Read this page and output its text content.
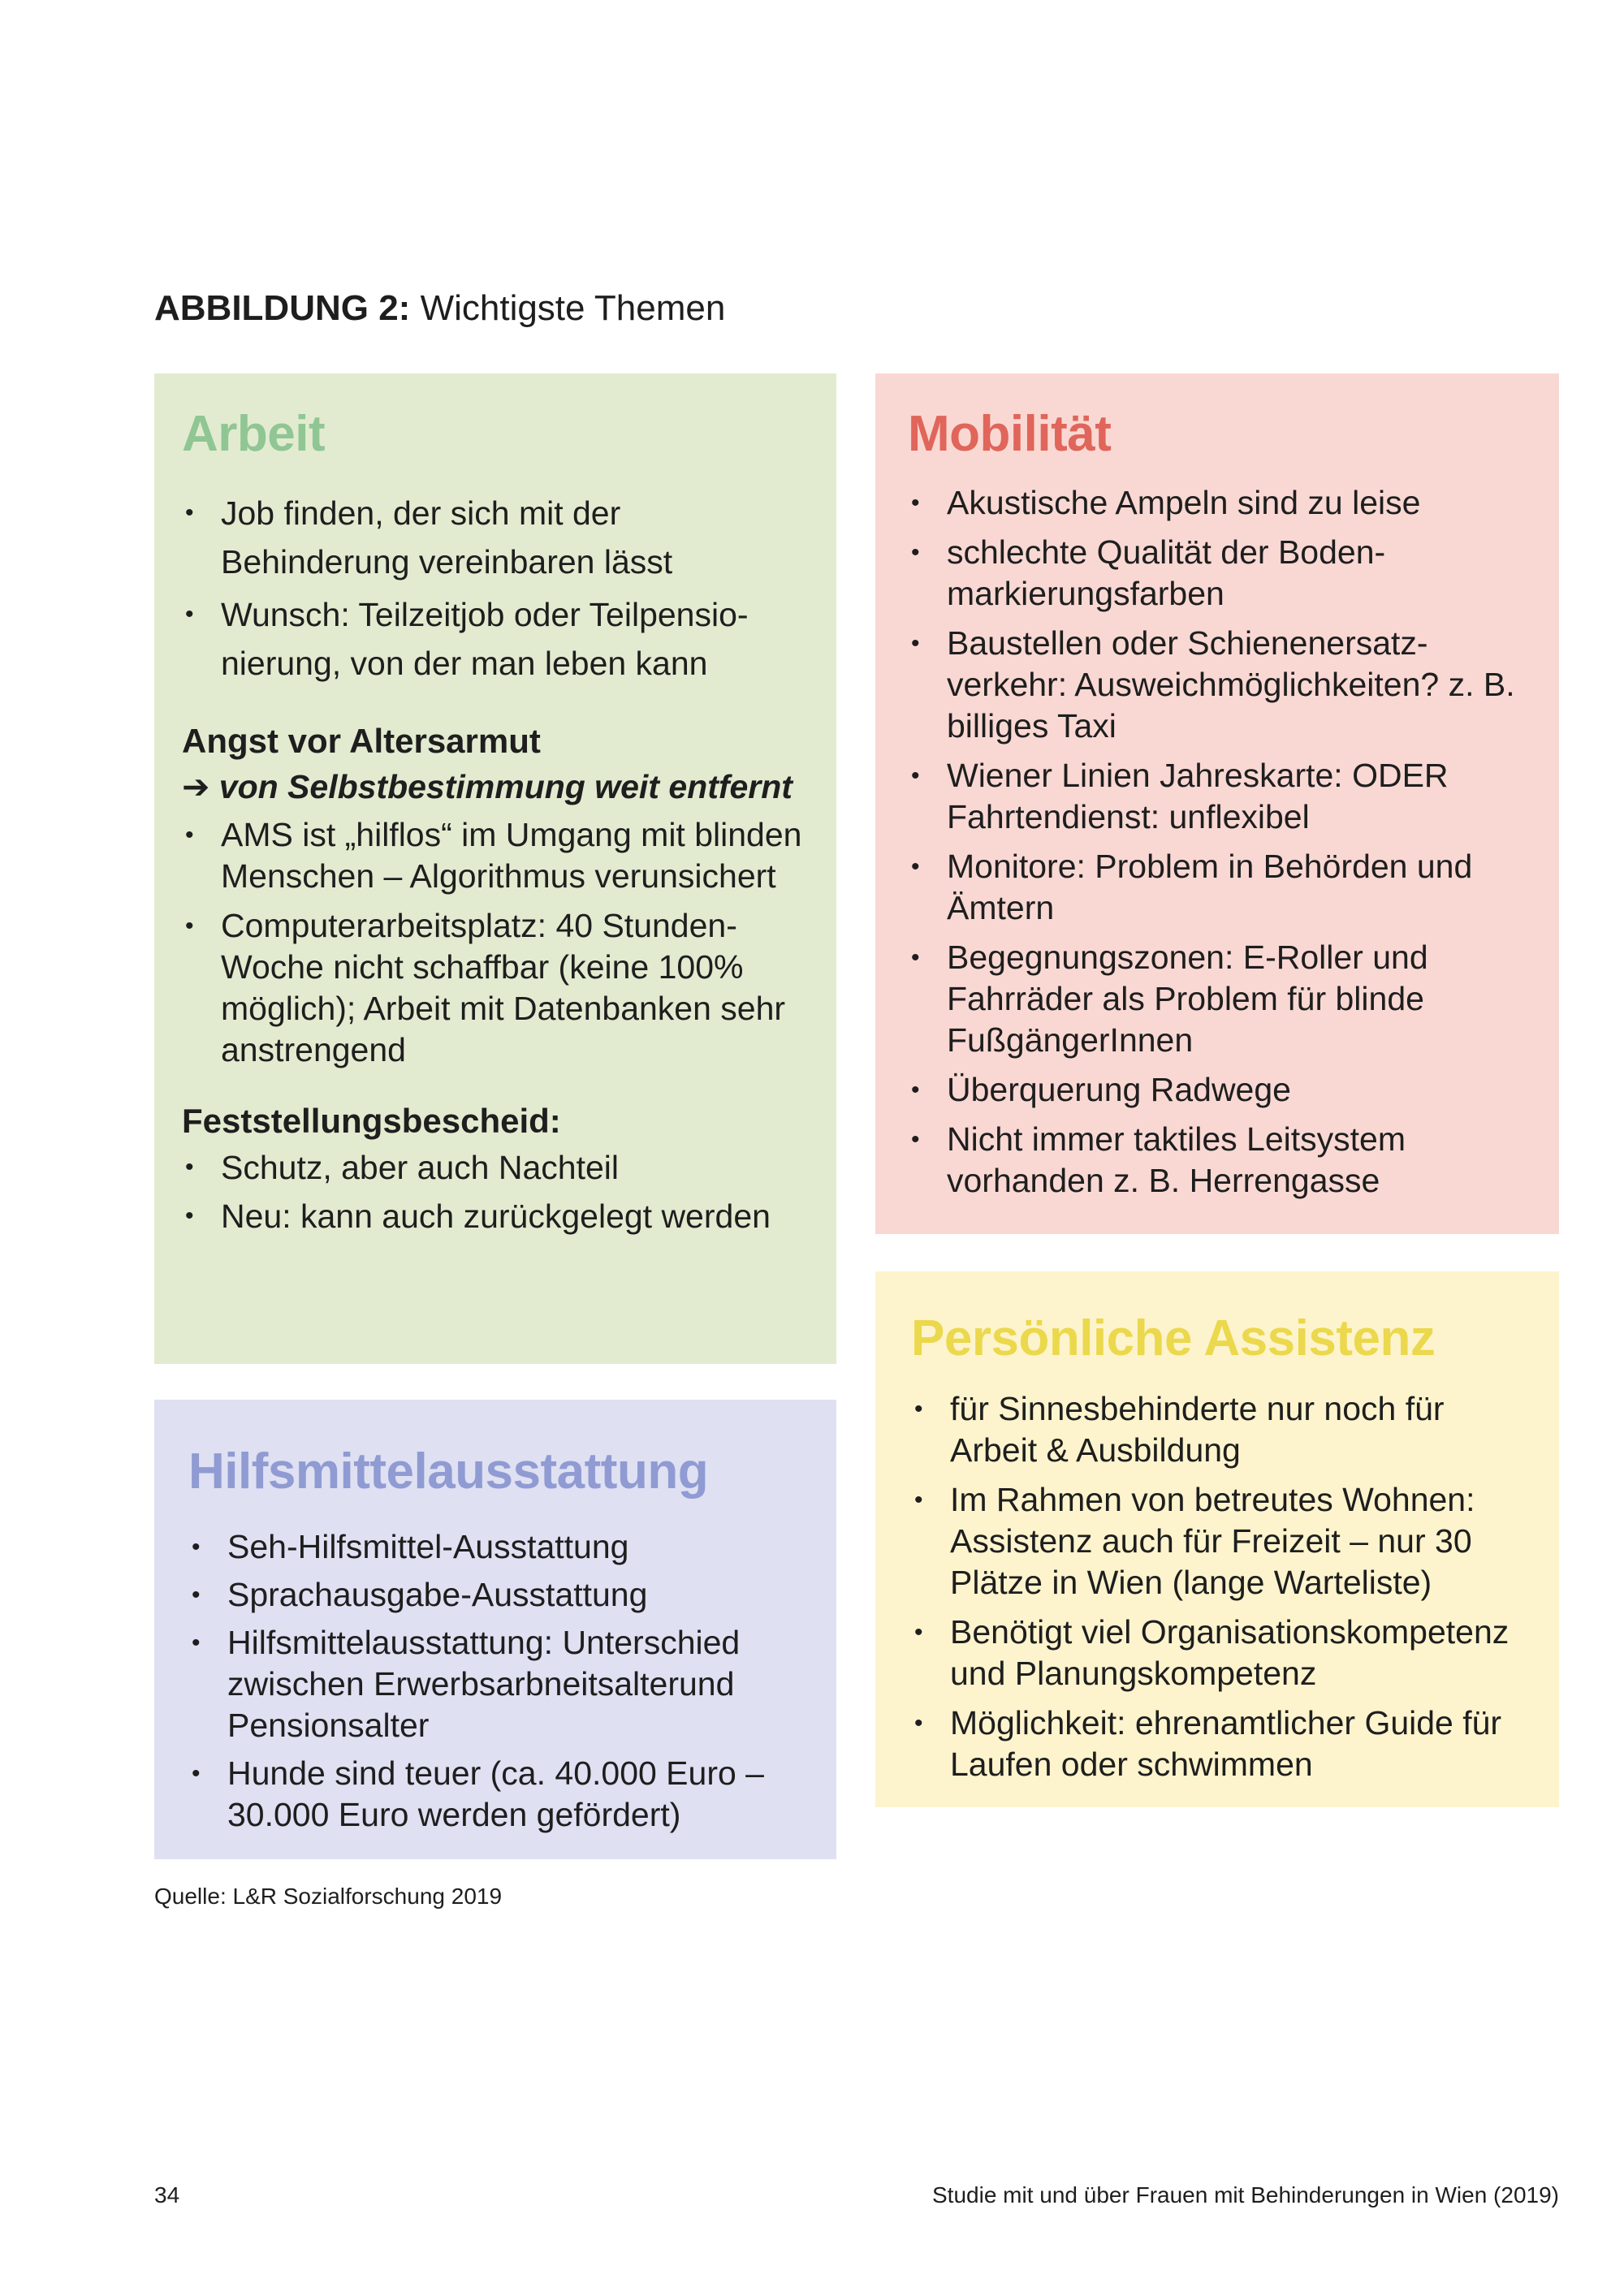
ABBILDUNG 2: Wichtigste Themen
Arbeit
• Job finden, der sich mit der Behinderung vereinbaren lässt
• Wunsch: Teilzeitjob oder Teilpensionierung, von der man leben kann
Angst vor Altersarmut
➔ von Selbstbestimmung weit entfernt
• AMS ist „hilflos“ im Umgang mit blinden Menschen – Algorithmus verunsichert
• Computerarbeitsplatz: 40 Stunden-Woche nicht schaffbar (keine 100% möglich); Arbeit mit Datenbanken sehr anstrengend
Feststellungsbescheid:
• Schutz, aber auch Nachteil
• Neu: kann auch zurückgelegt werden
Hilfsmittelausstattung
• Seh-Hilfsmittel-Ausstattung
• Sprachausgabe-Ausstattung
• Hilfsmittelausstattung: Unterschied zwischen Erwerbsarbneitsalterund Pensionsalter
• Hunde sind teuer (ca. 40.000 Euro – 30.000 Euro werden gefördert)
Mobilität
• Akustische Ampeln sind zu leise
• schlechte Qualität der Boden-markierungsfarben
• Baustellen oder Schienenersatz-verkehr: Ausweichmöglichkeiten? z. B. billiges Taxi
• Wiener Linien Jahreskarte: ODER Fahrtendienst: unflexibel
• Monitore: Problem in Behörden und Ämtern
• Begegnungszonen: E-Roller und Fahrräder als Problem für blinde FußgängerInnen
• Überquerung Radwege
• Nicht immer taktiles Leitsystem vorhanden z. B. Herrengasse
Persönliche Assistenz
• für Sinnesbehinderte nur noch für Arbeit & Ausbildung
• Im Rahmen von betreutes Wohnen: Assistenz auch für Freizeit – nur 30 Plätze in Wien (lange Warteliste)
• Benötigt viel Organisationskompetenz und Planungskompetenz
• Möglichkeit: ehrenamtlicher Guide für Laufen oder schwimmen
Quelle: L&R Sozialforschung 2019
34	Studie mit und über Frauen mit Behinderungen in Wien (2019)
